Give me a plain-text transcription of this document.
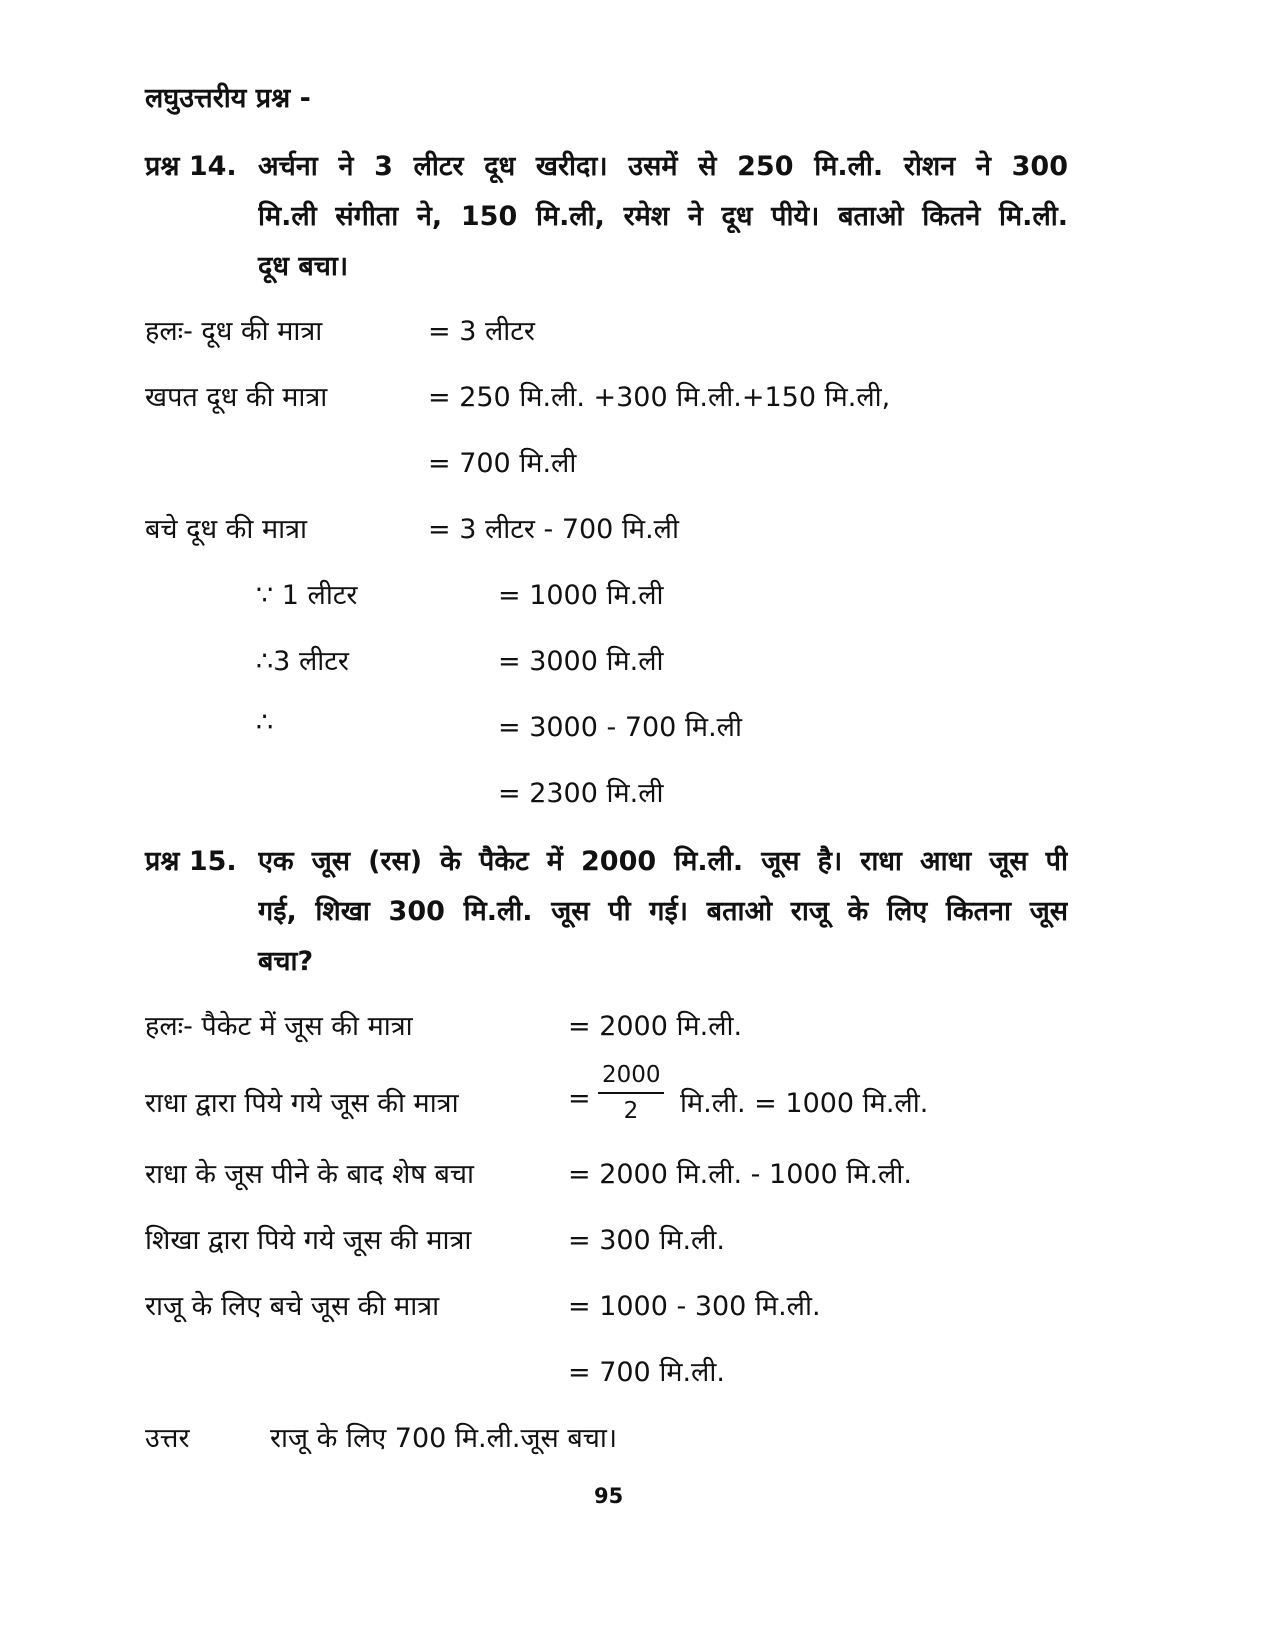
लघुउत्तरीय प्रश्न -
प्रश्न 14. अर्चना ने 3 लीटर दूध खरीदा। उसमें से 250 मि.ली. रोशन ने 300
मि.ली संगीता ने, 150 मि.ली, रमेश ने दूध पीये। बताओ कितने मि.ली.
दूध बचा।
हलः- दूध की मात्रा	= 3 लीटर
खपत दूध की मात्रा	= 250 मि.ली. +300 मि.ली.+150 मि.ली,
= 700 मि.ली
बचे दूध की मात्रा	= 3 लीटर - 700 मि.ली
∵ 1 लीटर	= 1000 मि.ली
∴3 लीटर	= 3000 मि.ली
∴	= 3000 - 700 मि.ली
= 2300 मि.ली
प्रश्न 15. एक जूस (रस) के पैकेट में 2000 मि.ली. जूस है। राधा आधा जूस पी
गई, शिखा 300 मि.ली. जूस पी गई। बताओ राजू के लिए कितना जूस
बचा?
हलः- पैकेट में जूस की मात्रा	= 2000 मि.ली.
राधा द्वारा पिये गये जूस की मात्रा	= $\frac{2000}{2}$ मि.ली. = 1000 मि.ली.
राधा के जूस पीने के बाद शेष बचा	= 2000 मि.ली. - 1000 मि.ली.
शिखा द्वारा पिये गये जूस की मात्रा	= 300 मि.ली.
राजू के लिए बचे जूस की मात्रा	= 1000 - 300 मि.ली.
= 700 मि.ली.
उत्तर	राजू के लिए 700 मि.ली.जूस बचा।
95
